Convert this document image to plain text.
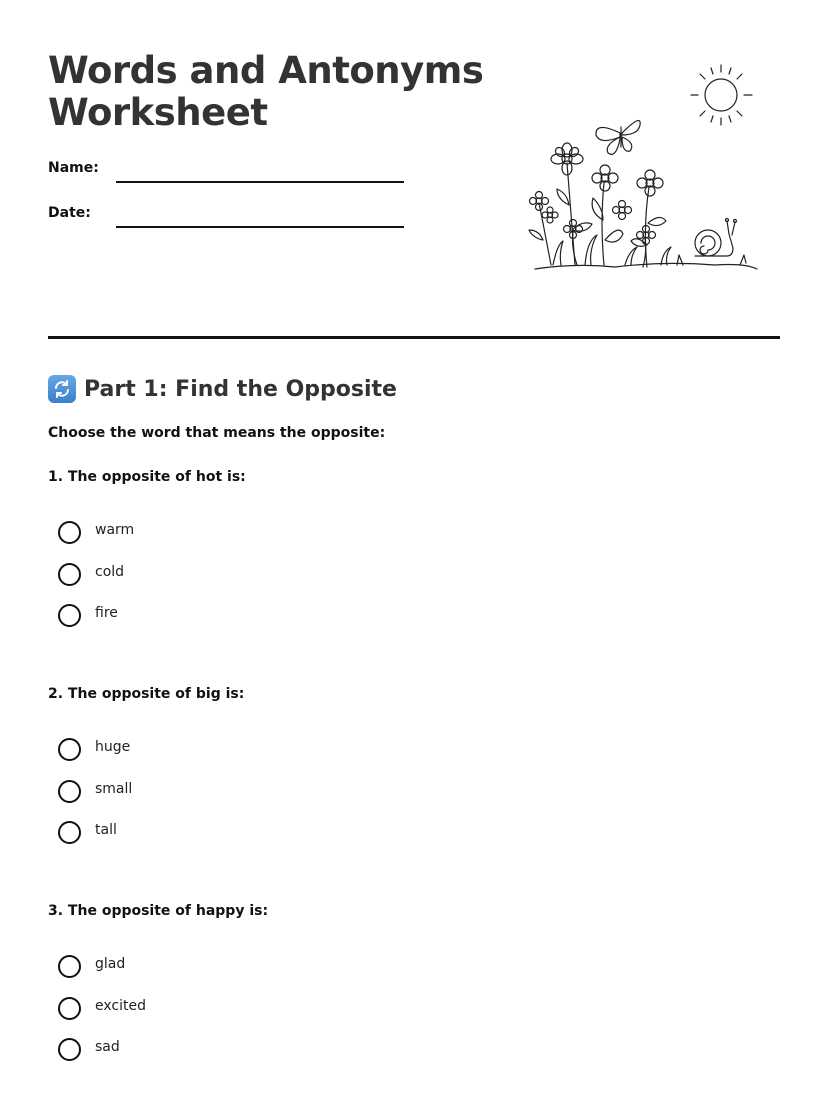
Words and Antonyms
Worksheet
Name:
Date:
Part 1: Find the Opposite
Choose the word that means the opposite:
1. The opposite of hot is:
warm
cold
fire
2. The opposite of big is:
huge
small
tall
3. The opposite of happy is:
glad
excited
sad
